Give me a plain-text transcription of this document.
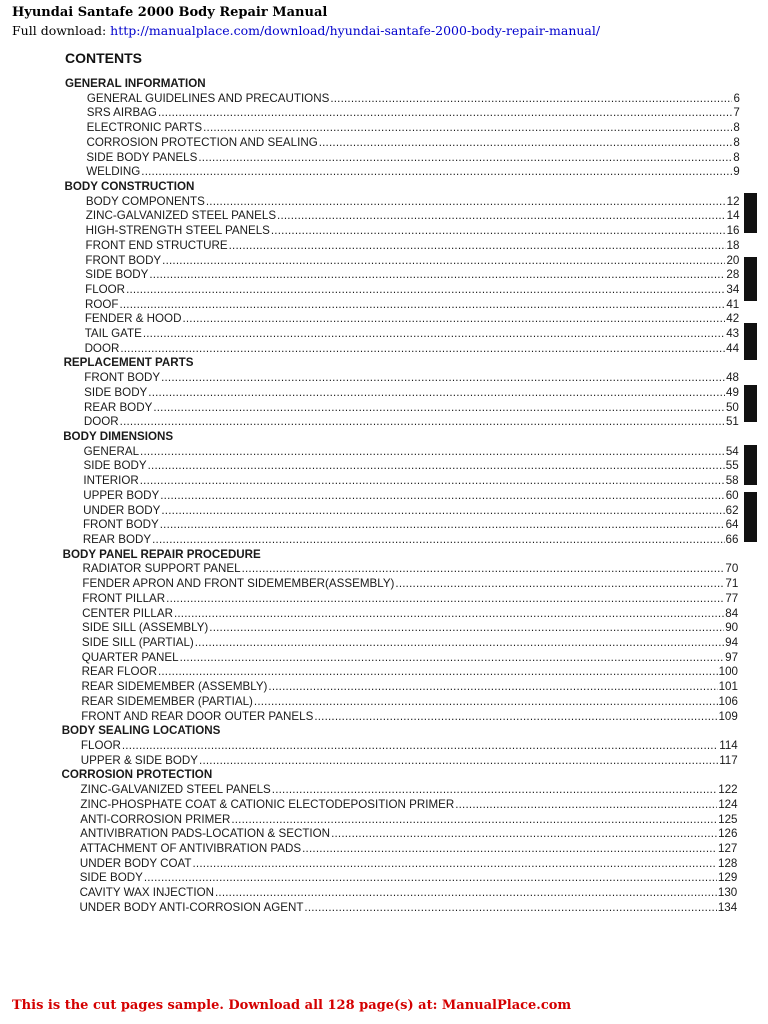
Hyundai Santafe 2000 Body Repair Manual
Full download: http://manualplace.com/download/hyundai-santafe-2000-body-repair-manual/
CONTENTS
GENERAL INFORMATION
GENERAL GUIDELINES AND PRECAUTIONS .....	6
SRS AIRBAG .....	7
ELECTRONIC PARTS .....	8
CORROSION PROTECTION AND SEALING .....	8
SIDE BODY PANELS .....	8
WELDING .....	9
BODY CONSTRUCTION
BODY COMPONENTS .....	12
ZINC-GALVANIZED STEEL PANELS .....	14
HIGH-STRENGTH STEEL PANELS .....	16
FRONT END STRUCTURE .....	18
FRONT BODY .....	20
SIDE BODY .....	28
FLOOR .....	34
ROOF .....	41
FENDER & HOOD .....	42
TAIL GATE .....	43
DOOR .....	44
REPLACEMENT PARTS
FRONT BODY .....	48
SIDE BODY .....	49
REAR BODY .....	50
DOOR .....	51
BODY DIMENSIONS
GENERAL .....	54
SIDE BODY .....	55
INTERIOR .....	58
UPPER BODY .....	60
UNDER BODY .....	62
FRONT BODY .....	64
REAR BODY .....	66
BODY PANEL REPAIR PROCEDURE
RADIATOR SUPPORT PANEL .....	70
FENDER APRON AND FRONT SIDEMEMBER(ASSEMBLY) .....	71
FRONT PILLAR .....	77
CENTER PILLAR .....	84
SIDE SILL (ASSEMBLY) .....	90
SIDE SILL (PARTIAL) .....	94
QUARTER PANEL .....	97
REAR FLOOR .....	100
REAR SIDEMEMBER (ASSEMBLY) .....	101
REAR SIDEMEMBER (PARTIAL) .....	106
FRONT AND REAR DOOR OUTER PANELS .....	109
BODY SEALING LOCATIONS
FLOOR .....	114
UPPER & SIDE BODY .....	117
CORROSION PROTECTION
ZINC-GALVANIZED STEEL PANELS .....	122
ZINC-PHOSPHATE COAT & CATIONIC ELECTODEPOSITION PRIMER .....	124
ANTI-CORROSION PRIMER .....	125
ANTIVIBRATION PADS-LOCATION & SECTION .....	126
ATTACHMENT OF ANTIVIBRATION PADS .....	127
UNDER BODY COAT .....	128
SIDE BODY .....	129
CAVITY WAX INJECTION .....	130
UNDER BODY ANTI-CORROSION AGENT .....	134
This is the cut pages sample. Download all 128 page(s) at: ManualPlace.com
